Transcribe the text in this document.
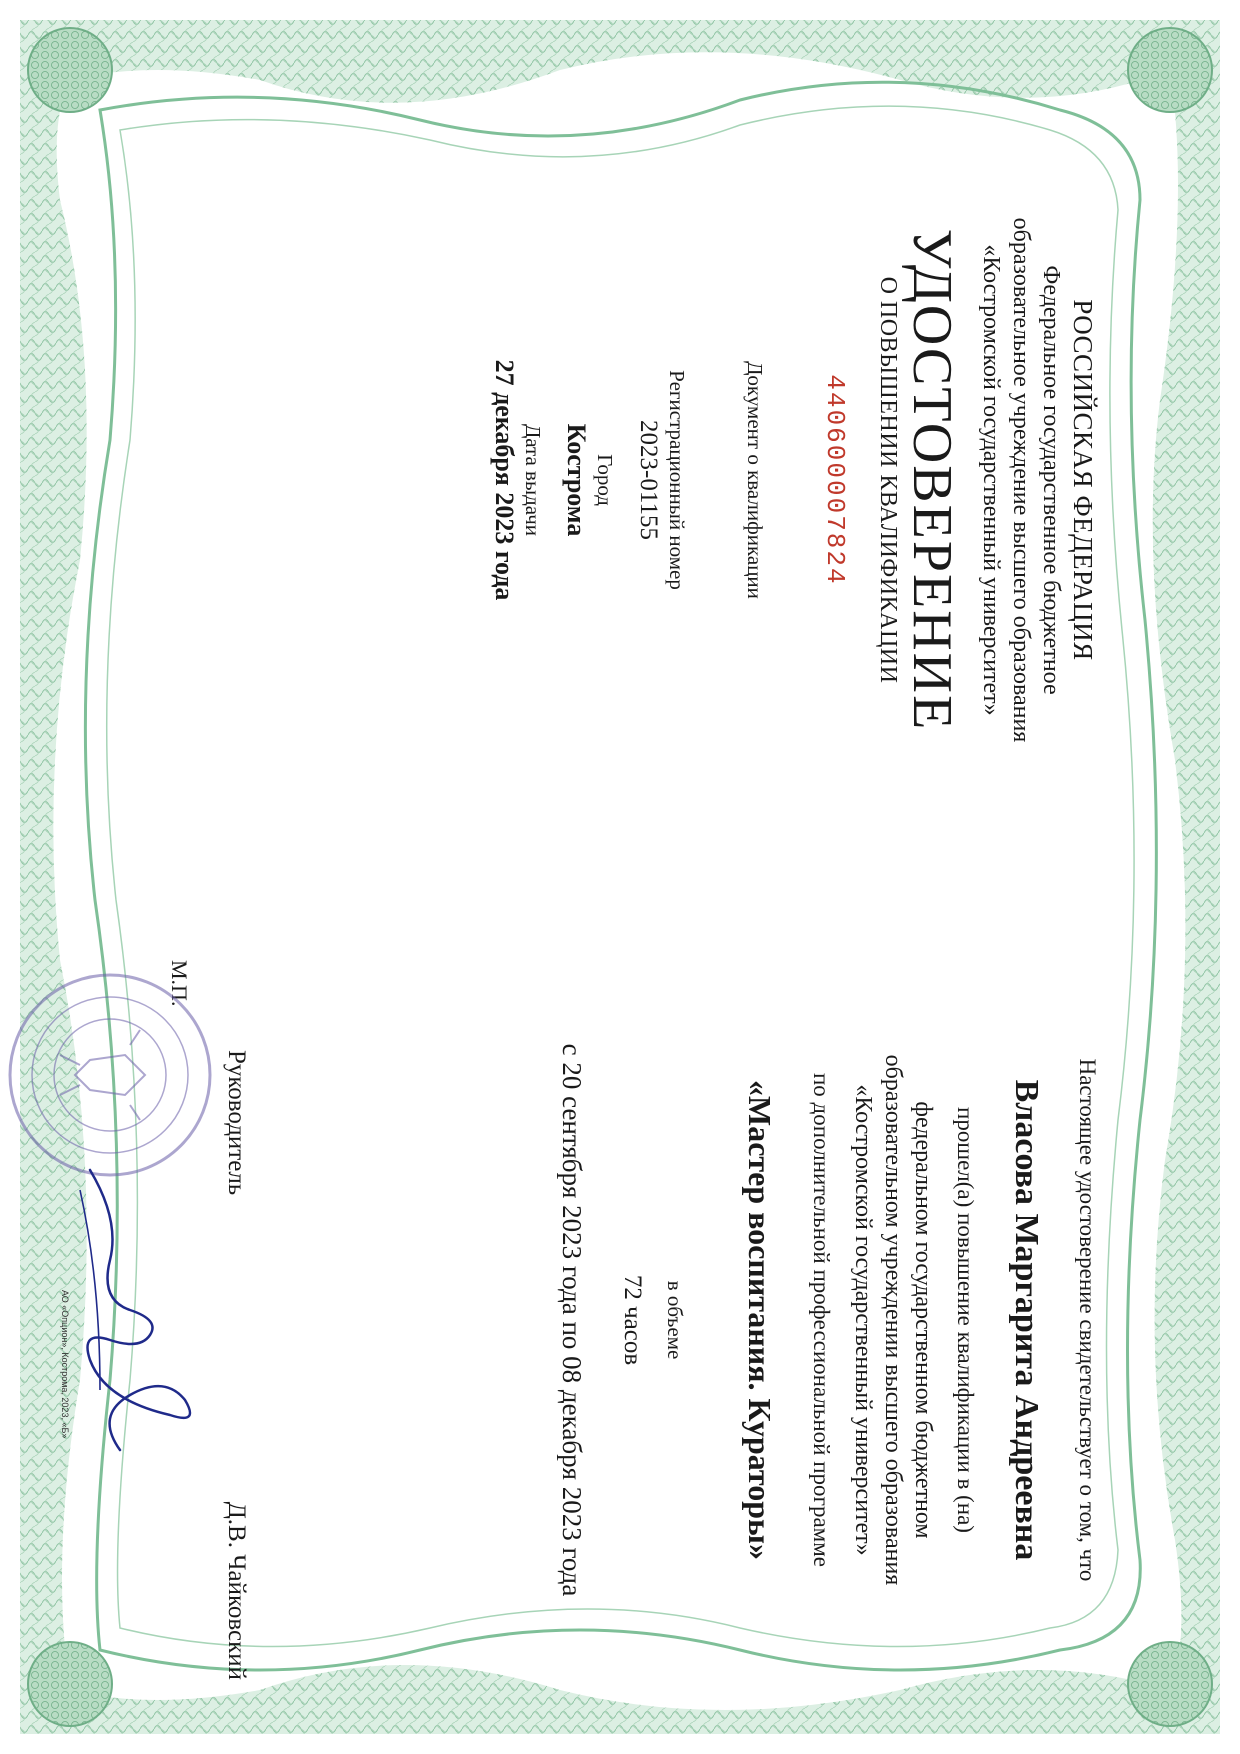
РОССИЙСКАЯ ФЕДЕРАЦИЯ
Федеральное государственное бюджетное
образовательное учреждение высшего образования
«Костромской государственный университет»
УДОСТОВЕРЕНИЕ
О ПОВЫШЕНИИ КВАЛИФИКАЦИИ
440600007824
Документ о квалификации
Регистрационный номер
2023-01155
Город
Кострома
Дата выдачи
27 декабря 2023 года
Настоящее удостоверение свидетельствует о том, что
Власова Маргарита Андреевна
прошел(а) повышение квалификации в (на)
федеральном государственном бюджетном
образовательном учреждении высшего образования
«Костромской государственный университет»
по дополнительной профессиональной программе
«Мастер воспитания. Кураторы»
в объеме
72 часов
с 20 сентября 2023 года по 08 декабря 2023 года
Руководитель
Д.В. Чайковский
М.П.
АО «Опцион», Кострома, 2023, «Б»
